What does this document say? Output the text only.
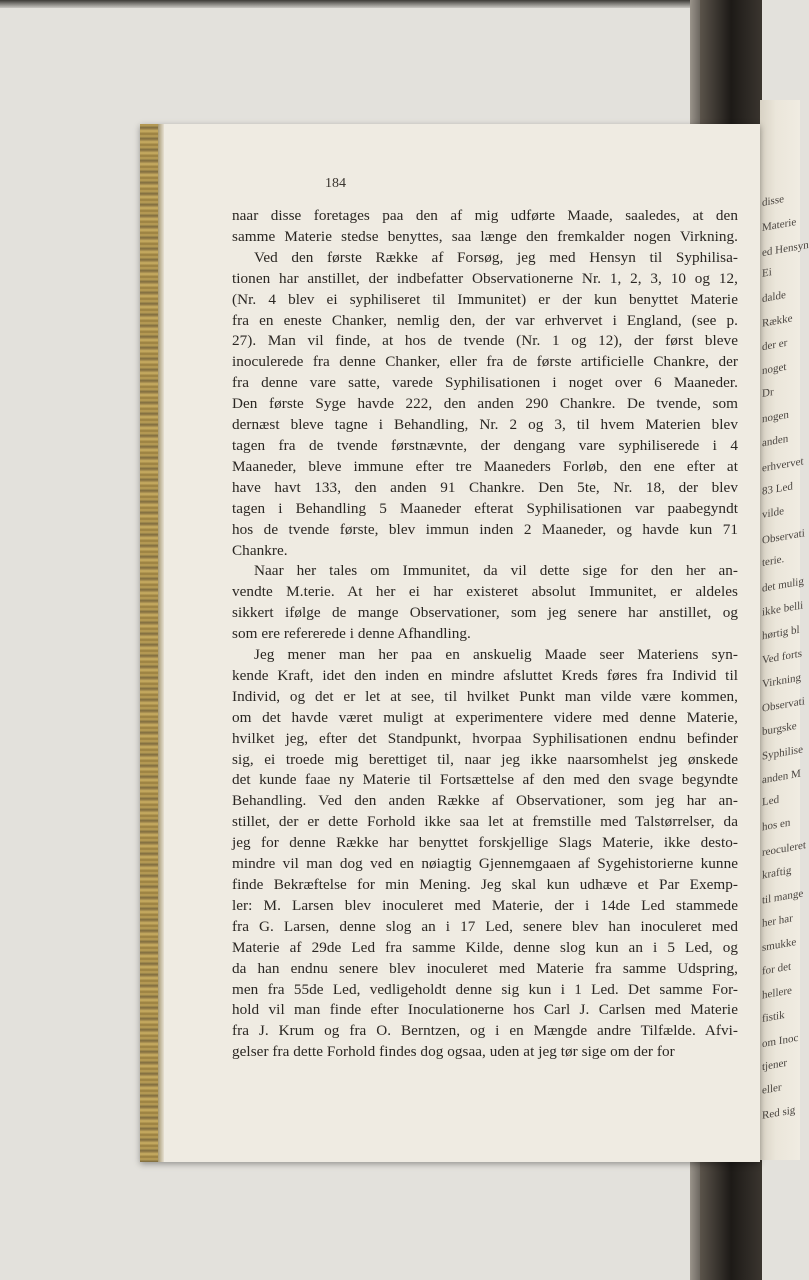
disse
Materie
ed Hensyn
Ei
dalde
Række
der er
noget
Dr
nogen
anden
erhvervet
83 Led
vilde
Observati
terie.
det mulig
ikke belli
hørtig bl
Ved forts
Virkning
Observati
burgske
Syphilise
anden M
Led
hos en
reoculeret
kraftig
til mange
her har
smukke
for det
hellere
fistik
om Inoc
tjener
eller
Red sig
184
naar disse foretages paa den af mig udførte Maade, saaledes, at den
samme Materie stedse benyttes, saa længe den fremkalder nogen Virkning.
Ved den første Række af Forsøg, jeg med Hensyn til Syphilisa-
tionen har anstillet, der indbefatter Observationerne Nr. 1, 2, 3, 10 og 12,
(Nr. 4 blev ei syphiliseret til Immunitet) er der kun benyttet Materie
fra en eneste Chanker, nemlig den, der var erhvervet i England, (see p.
27). Man vil finde, at hos de tvende (Nr. 1 og 12), der først bleve
inoculerede fra denne Chanker, eller fra de første artificielle Chankre, der
fra denne vare satte, varede Syphilisationen i noget over 6 Maaneder.
Den første Syge havde 222, den anden 290 Chankre. De tvende, som
dernæst bleve tagne i Behandling, Nr. 2 og 3, til hvem Materien blev
tagen fra de tvende førstnævnte, der dengang vare syphiliserede i 4
Maaneder, bleve immune efter tre Maaneders Forløb, den ene efter at
have havt 133, den anden 91 Chankre. Den 5te, Nr. 18, der blev
tagen i Behandling 5 Maaneder efterat Syphilisationen var paabegyndt
hos de tvende første, blev immun inden 2 Maaneder, og havde kun 71
Chankre.
Naar her tales om Immunitet, da vil dette sige for den her an-
vendte M.terie. At her ei har existeret absolut Immunitet, er aldeles
sikkert ifølge de mange Observationer, som jeg senere har anstillet, og
som ere refererede i denne Afhandling.
Jeg mener man her paa en anskuelig Maade seer Materiens syn-
kende Kraft, idet den inden en mindre afsluttet Kreds føres fra Individ til
Individ, og det er let at see, til hvilket Punkt man vilde være kommen,
om det havde været muligt at experimentere videre med denne Materie,
hvilket jeg, efter det Standpunkt, hvorpaa Syphilisationen endnu befinder
sig, ei troede mig berettiget til, naar jeg ikke naarsomhelst jeg ønskede
det kunde faae ny Materie til Fortsættelse af den med den svage begyndte
Behandling. Ved den anden Række af Observationer, som jeg har an-
stillet, der er dette Forhold ikke saa let at fremstille med Talstørrelser, da
jeg for denne Række har benyttet forskjellige Slags Materie, ikke desto-
mindre vil man dog ved en nøiagtig Gjennemgaaen af Sygehistorierne kunne
finde Bekræftelse for min Mening. Jeg skal kun udhæve et Par Exemp-
ler: M. Larsen blev inoculeret med Materie, der i 14de Led stammede
fra G. Larsen, denne slog an i 17 Led, senere blev han inoculeret med
Materie af 29de Led fra samme Kilde, denne slog kun an i 5 Led, og
da han endnu senere blev inoculeret med Materie fra samme Udspring,
men fra 55de Led, vedligeholdt denne sig kun i 1 Led. Det samme For-
hold vil man finde efter Inoculationerne hos Carl J. Carlsen med Materie
fra J. Krum og fra O. Berntzen, og i en Mængde andre Tilfælde. Afvi-
gelser fra dette Forhold findes dog ogsaa, uden at jeg tør sige om der for
